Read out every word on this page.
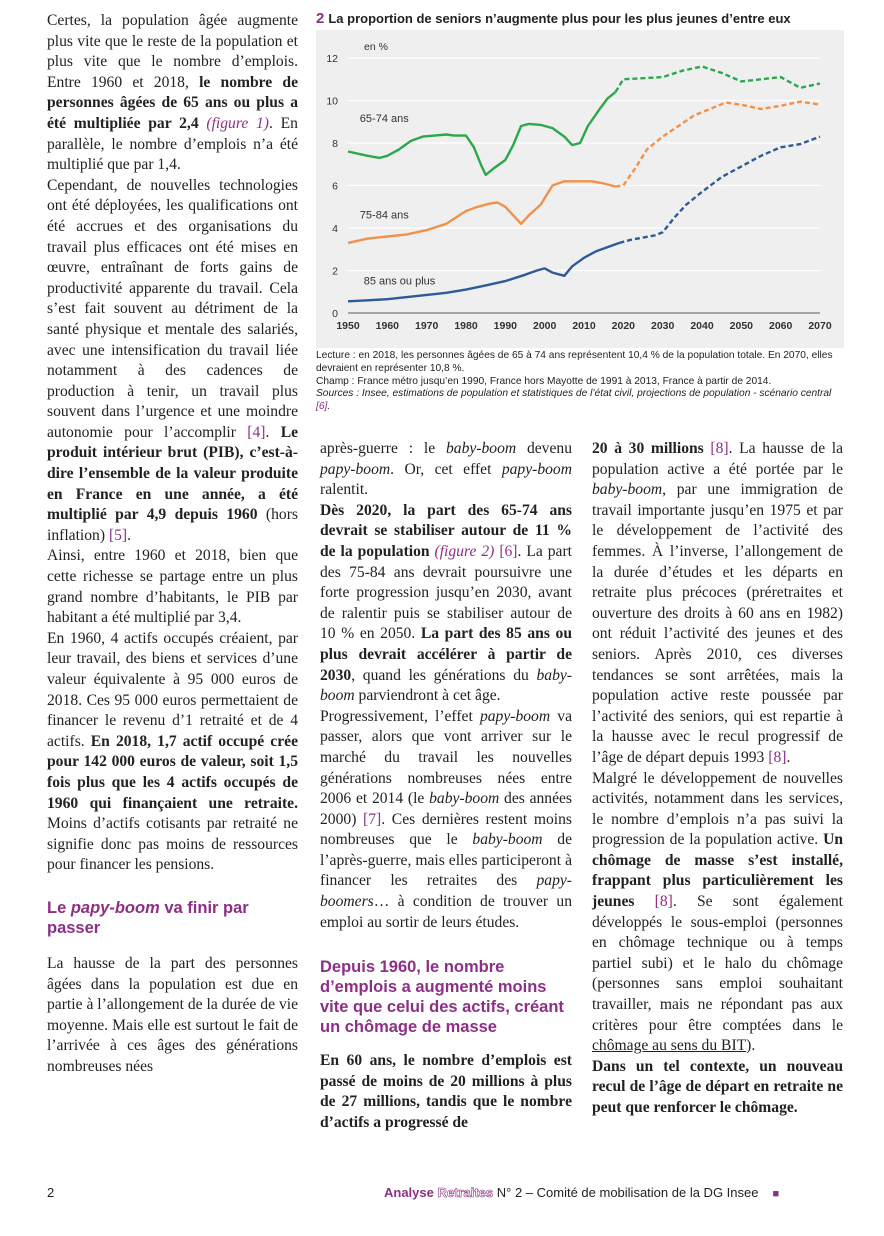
2 La proportion de seniors n’augmente plus pour les plus jeunes d’entre eux
0
2
4
6
8
10
12
1950 1960 1970 1980 1990 2000 2010 2020 2030 2040 2050 2060 2070
en %
65-74 ans
75-84 ans
85 ans ou plus
Lecture : en 2018, les personnes âgées de 65 à 74 ans représentent 10,4 % de la population totale. En 2070, elles devraient en représenter 10,8 %.
Champ : France métro jusqu’en 1990, France hors Mayotte de 1991 à 2013, France à partir de 2014.
Sources : Insee, estimations de population et statistiques de l’état civil, projections de population - scénario central [6].

Certes, la population âgée augmente plus vite que le reste de la population et plus vite que le nombre d’emplois. Entre 1960 et 2018, le nombre de personnes âgées de 65 ans ou plus a été multipliée par 2,4 (figure 1). En parallèle, le nombre d’emplois n’a été multiplié que par 1,4.

Cependant, de nouvelles technologies ont été déployées, les qualifications ont été accrues et des organisations du travail plus efficaces ont été mises en œuvre, entraînant de forts gains de productivité apparente du travail. Cela s’est fait souvent au détriment de la santé physique et mentale des salariés, avec une intensification du travail liée notamment à des cadences de production à tenir, un travail plus souvent dans l’urgence et une moindre autonomie pour l’accomplir [4]. Le produit intérieur brut (PIB), c’est-à-dire l’ensemble de la valeur produite en France en une année, a été multiplié par 4,9 depuis 1960 (hors inflation) [5].

Ainsi, entre 1960 et 2018, bien que cette richesse se partage entre un plus grand nombre d’habitants, le PIB par habitant a été multiplié par 3,4.

En 1960, 4 actifs occupés créaient, par leur travail, des biens et services d’une valeur équivalente à 95 000 euros de 2018. Ces 95 000 euros permettaient de financer le revenu d’1 retraité et de 4 actifs. En 2018, 1,7 actif occupé crée pour 142 000 euros de valeur, soit 1,5 fois plus que les 4 actifs occupés de 1960 qui finançaient une retraite. Moins d’actifs cotisants par retraité ne signifie donc pas moins de ressources pour financer les pensions.

Le papy-boom va finir par passer

La hausse de la part des personnes âgées dans la population est due en partie à l’allongement de la durée de vie moyenne. Mais elle est surtout le fait de l’arrivée à ces âges des générations nombreuses nées

après-guerre : le baby-boom devenu papy-boom. Or, cet effet papy-boom ralentit.

Dès 2020, la part des 65-74 ans devrait se stabiliser autour de 11 % de la population (figure 2) [6]. La part des 75-84 ans devrait poursuivre une forte progression jusqu’en 2030, avant de ralentir puis se stabiliser autour de 10 % en 2050. La part des 85 ans ou plus devrait accélérer à partir de 2030, quand les générations du baby-boom parviendront à cet âge.

Progressivement, l’effet papy-boom va passer, alors que vont arriver sur le marché du travail les nouvelles générations nombreuses nées entre 2006 et 2014 (le baby-boom des années 2000) [7]. Ces dernières restent moins nombreuses que le baby-boom de l’après-guerre, mais elles participeront à financer les retraites des papy-boomers… à condition de trouver un emploi au sortir de leurs études.

Depuis 1960, le nombre d’emplois a augmenté moins vite que celui des actifs, créant un chômage de masse

En 60 ans, le nombre d’emplois est passé de moins de 20 millions à plus de 27 millions, tandis que le nombre d’actifs a progressé de

20 à 30 millions [8]. La hausse de la population active a été portée par le baby-boom, par une immigration de travail importante jusqu’en 1975 et par le développement de l’activité des femmes. À l’inverse, l’allongement de la durée d’études et les départs en retraite plus précoces (préretraites et ouverture des droits à 60 ans en 1982) ont réduit l’activité des jeunes et des seniors. Après 2010, ces diverses tendances se sont arrêtées, mais la population active reste poussée par l’activité des seniors, qui est repartie à la hausse avec le recul progressif de l’âge de départ depuis 1993 [8].

Malgré le développement de nouvelles activités, notamment dans les services, le nombre d’emplois n’a pas suivi la progression de la population active. Un chômage de masse s’est installé, frappant plus particulièrement les jeunes [8]. Se sont également développés le sous-emploi (personnes en chômage technique ou à temps partiel subi) et le halo du chômage (personnes sans emploi souhaitant travailler, mais ne répondant pas aux critères pour être comptées dans le chômage au sens du BIT).

Dans un tel contexte, un nouveau recul de l’âge de départ en retraite ne peut que renforcer le chômage.

2	Analyse Retraites N° 2 – Comité de mobilisation de la DG Insee ■
